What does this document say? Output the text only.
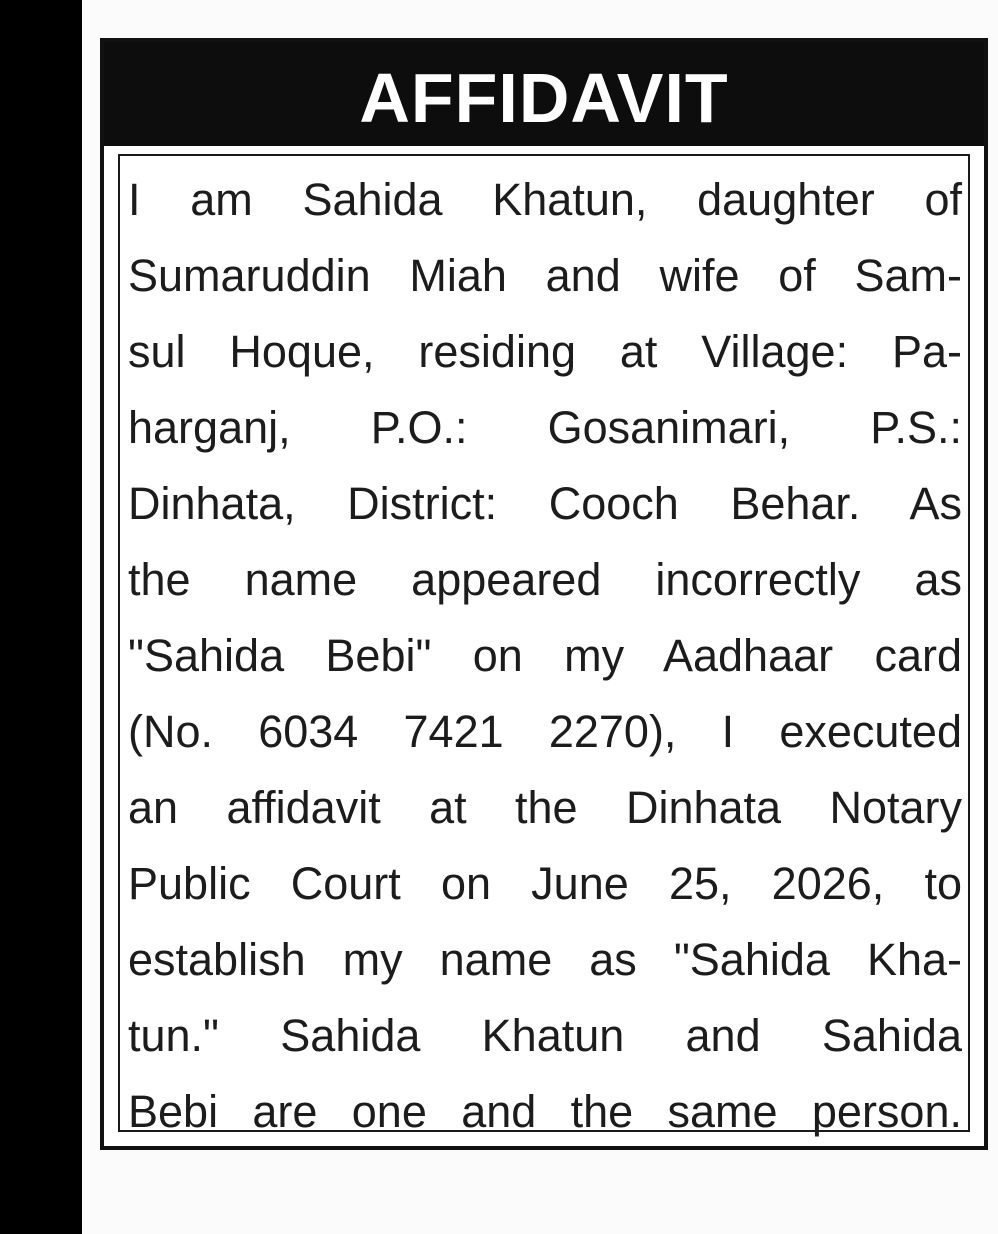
AFFIDAVIT
I am Sahida Khatun, daughter of
Sumaruddin Miah and wife of Sam-
sul Hoque, residing at Village: Pa-
harganj, P.O.: Gosanimari, P.S.:
Dinhata, District: Cooch Behar. As
the name appeared incorrectly as
"Sahida Bebi" on my Aadhaar card
(No. 6034 7421 2270), I executed
an affidavit at the Dinhata Notary
Public Court on June 25, 2026, to
establish my name as "Sahida Kha-
tun." Sahida Khatun and Sahida
Bebi are one and the same person.
